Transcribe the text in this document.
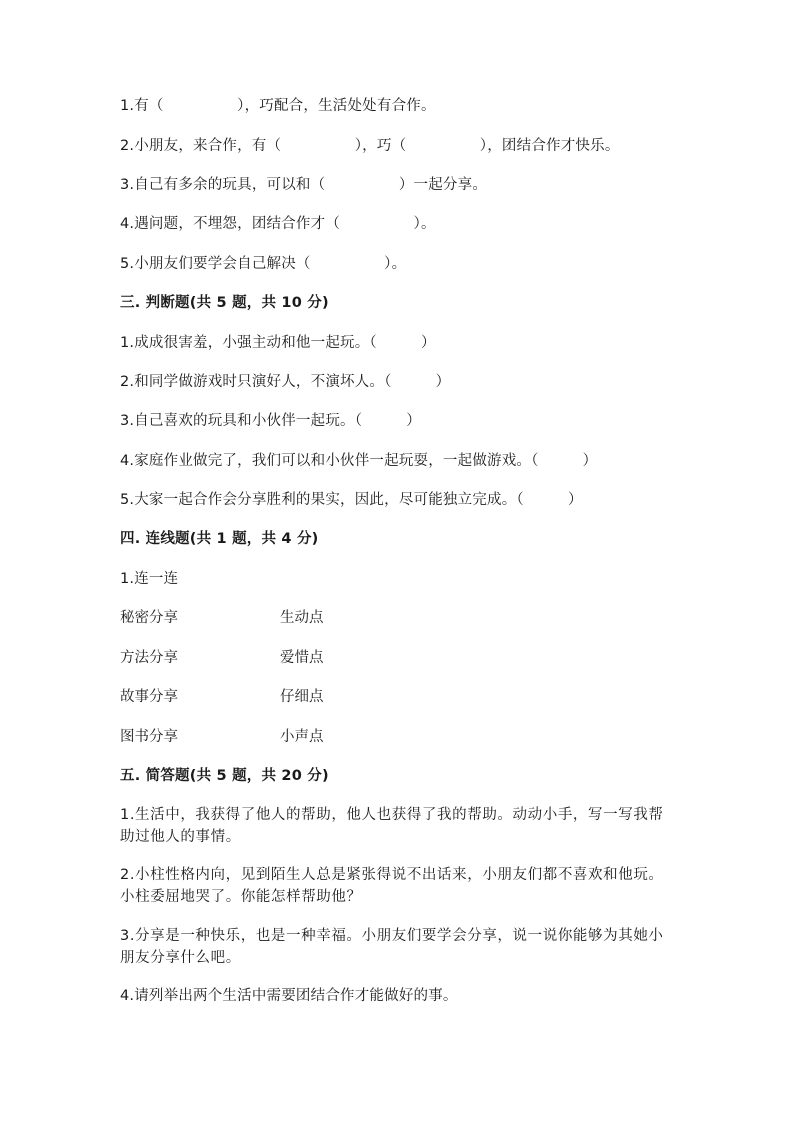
1.有（　　　　　），巧配合，生活处处有合作。
2.小朋友，来合作，有（　　　　　），巧（　　　　　），团结合作才快乐。
3.自己有多余的玩具，可以和（　　　　　）一起分享。
4.遇问题，不埋怨，团结合作才（　　　　　）。
5.小朋友们要学会自己解决（　　　　　）。
三. 判断题(共 5 题，共 10 分)
1.成成很害羞，小强主动和他一起玩。（　　　）
2.和同学做游戏时只演好人，不演坏人。（　　　）
3.自己喜欢的玩具和小伙伴一起玩。（　　　）
4.家庭作业做完了，我们可以和小伙伴一起玩耍，一起做游戏。（　　　）
5.大家一起合作会分享胜利的果实，因此，尽可能独立完成。（　　　）
四. 连线题(共 1 题，共 4 分)
1.连一连
秘密分享	生动点
方法分享	爱惜点
故事分享	仔细点
图书分享	小声点
五. 简答题(共 5 题，共 20 分)
1.生活中，我获得了他人的帮助，他人也获得了我的帮助。动动小手，写一写我帮助过他人的事情。
2.小柱性格内向，见到陌生人总是紧张得说不出话来，小朋友们都不喜欢和他玩。小柱委屈地哭了。你能怎样帮助他？
3.分享是一种快乐，也是一种幸福。小朋友们要学会分享，说一说你能够为其她小朋友分享什么吧。
4.请列举出两个生活中需要团结合作才能做好的事。
